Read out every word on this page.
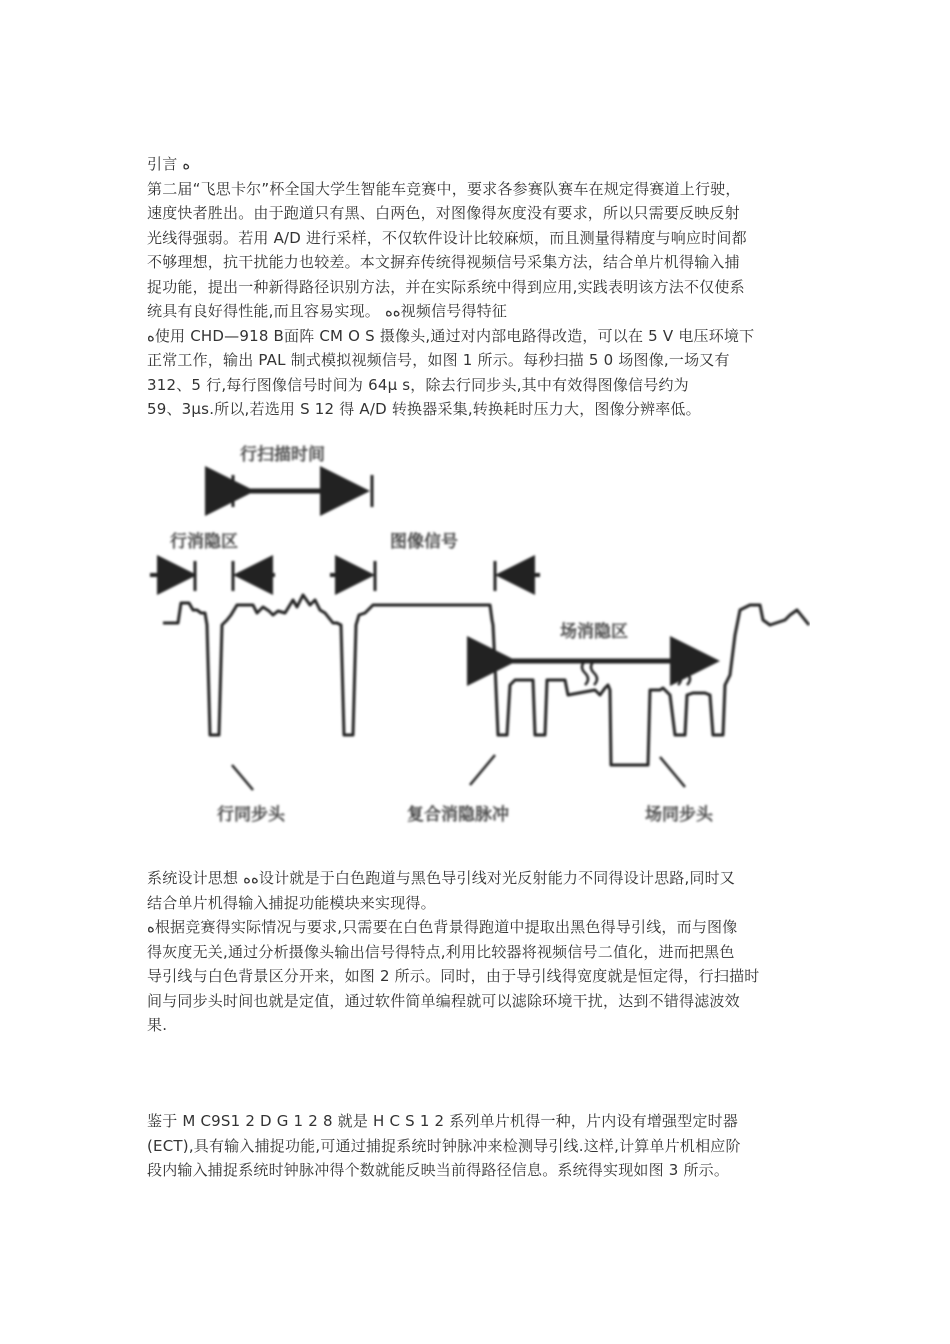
引言 ﻩ
第二届“飞思卡尔”杯全国大学生智能车竞赛中，要求各参赛队赛车在规定得赛道上行驶，
速度快者胜出。由于跑道只有黑、白两色，对图像得灰度没有要求，所以只需要反映反射
光线得强弱。若用 A/D 进行采样，不仅软件设计比较麻烦，而且测量得精度与响应时间都
不够理想，抗干扰能力也较差。本文摒弃传统得视频信号采集方法，结合单片机得输入捕
捉功能，提出一种新得路径识别方法，并在实际系统中得到应用,实践表明该方法不仅使系
统具有良好得性能,而且容易实现。 ﻩﻩ视频信号得特征
ﻩ使用 CHD—918 B面阵 CM O S 摄像头,通过对内部电路得改造，可以在 5 V 电压环境下
正常工作，输出 PAL 制式模拟视频信号，如图 1 所示。每秒扫描 5 0 场图像,一场又有
312、5 行,每行图像信号时间为 64μ s，除去行同步头,其中有效得图像信号约为
59、3μs.所以,若选用 S 12 得 A/D 转换器采集,转换耗时压力大，图像分辨率低。
行扫描时间
行消隐区	图像信号
场消隐区
行同步头	复合消隐脉冲	场同步头
系统设计思想 ﻩﻩ设计就是于白色跑道与黑色导引线对光反射能力不同得设计思路,同时又
结合单片机得输入捕捉功能模块来实现得。
ﻩ根据竞赛得实际情况与要求,只需要在白色背景得跑道中提取出黑色得导引线，而与图像
得灰度无关,通过分析摄像头输出信号得特点,利用比较器将视频信号二值化，进而把黑色
导引线与白色背景区分开来，如图 2 所示。同时，由于导引线得宽度就是恒定得，行扫描时
间与同步头时间也就是定值，通过软件简单编程就可以滤除环境干扰，达到不错得滤波效
果.
鉴于 M C9S1 2 D G 1 2 8 就是 H C S 1 2 系列单片机得一种，片内设有增强型定时器
(ECT),具有输入捕捉功能,可通过捕捉系统时钟脉冲来检测导引线.这样,计算单片机相应阶
段内输入捕捉系统时钟脉冲得个数就能反映当前得路径信息。系统得实现如图 3 所示。
